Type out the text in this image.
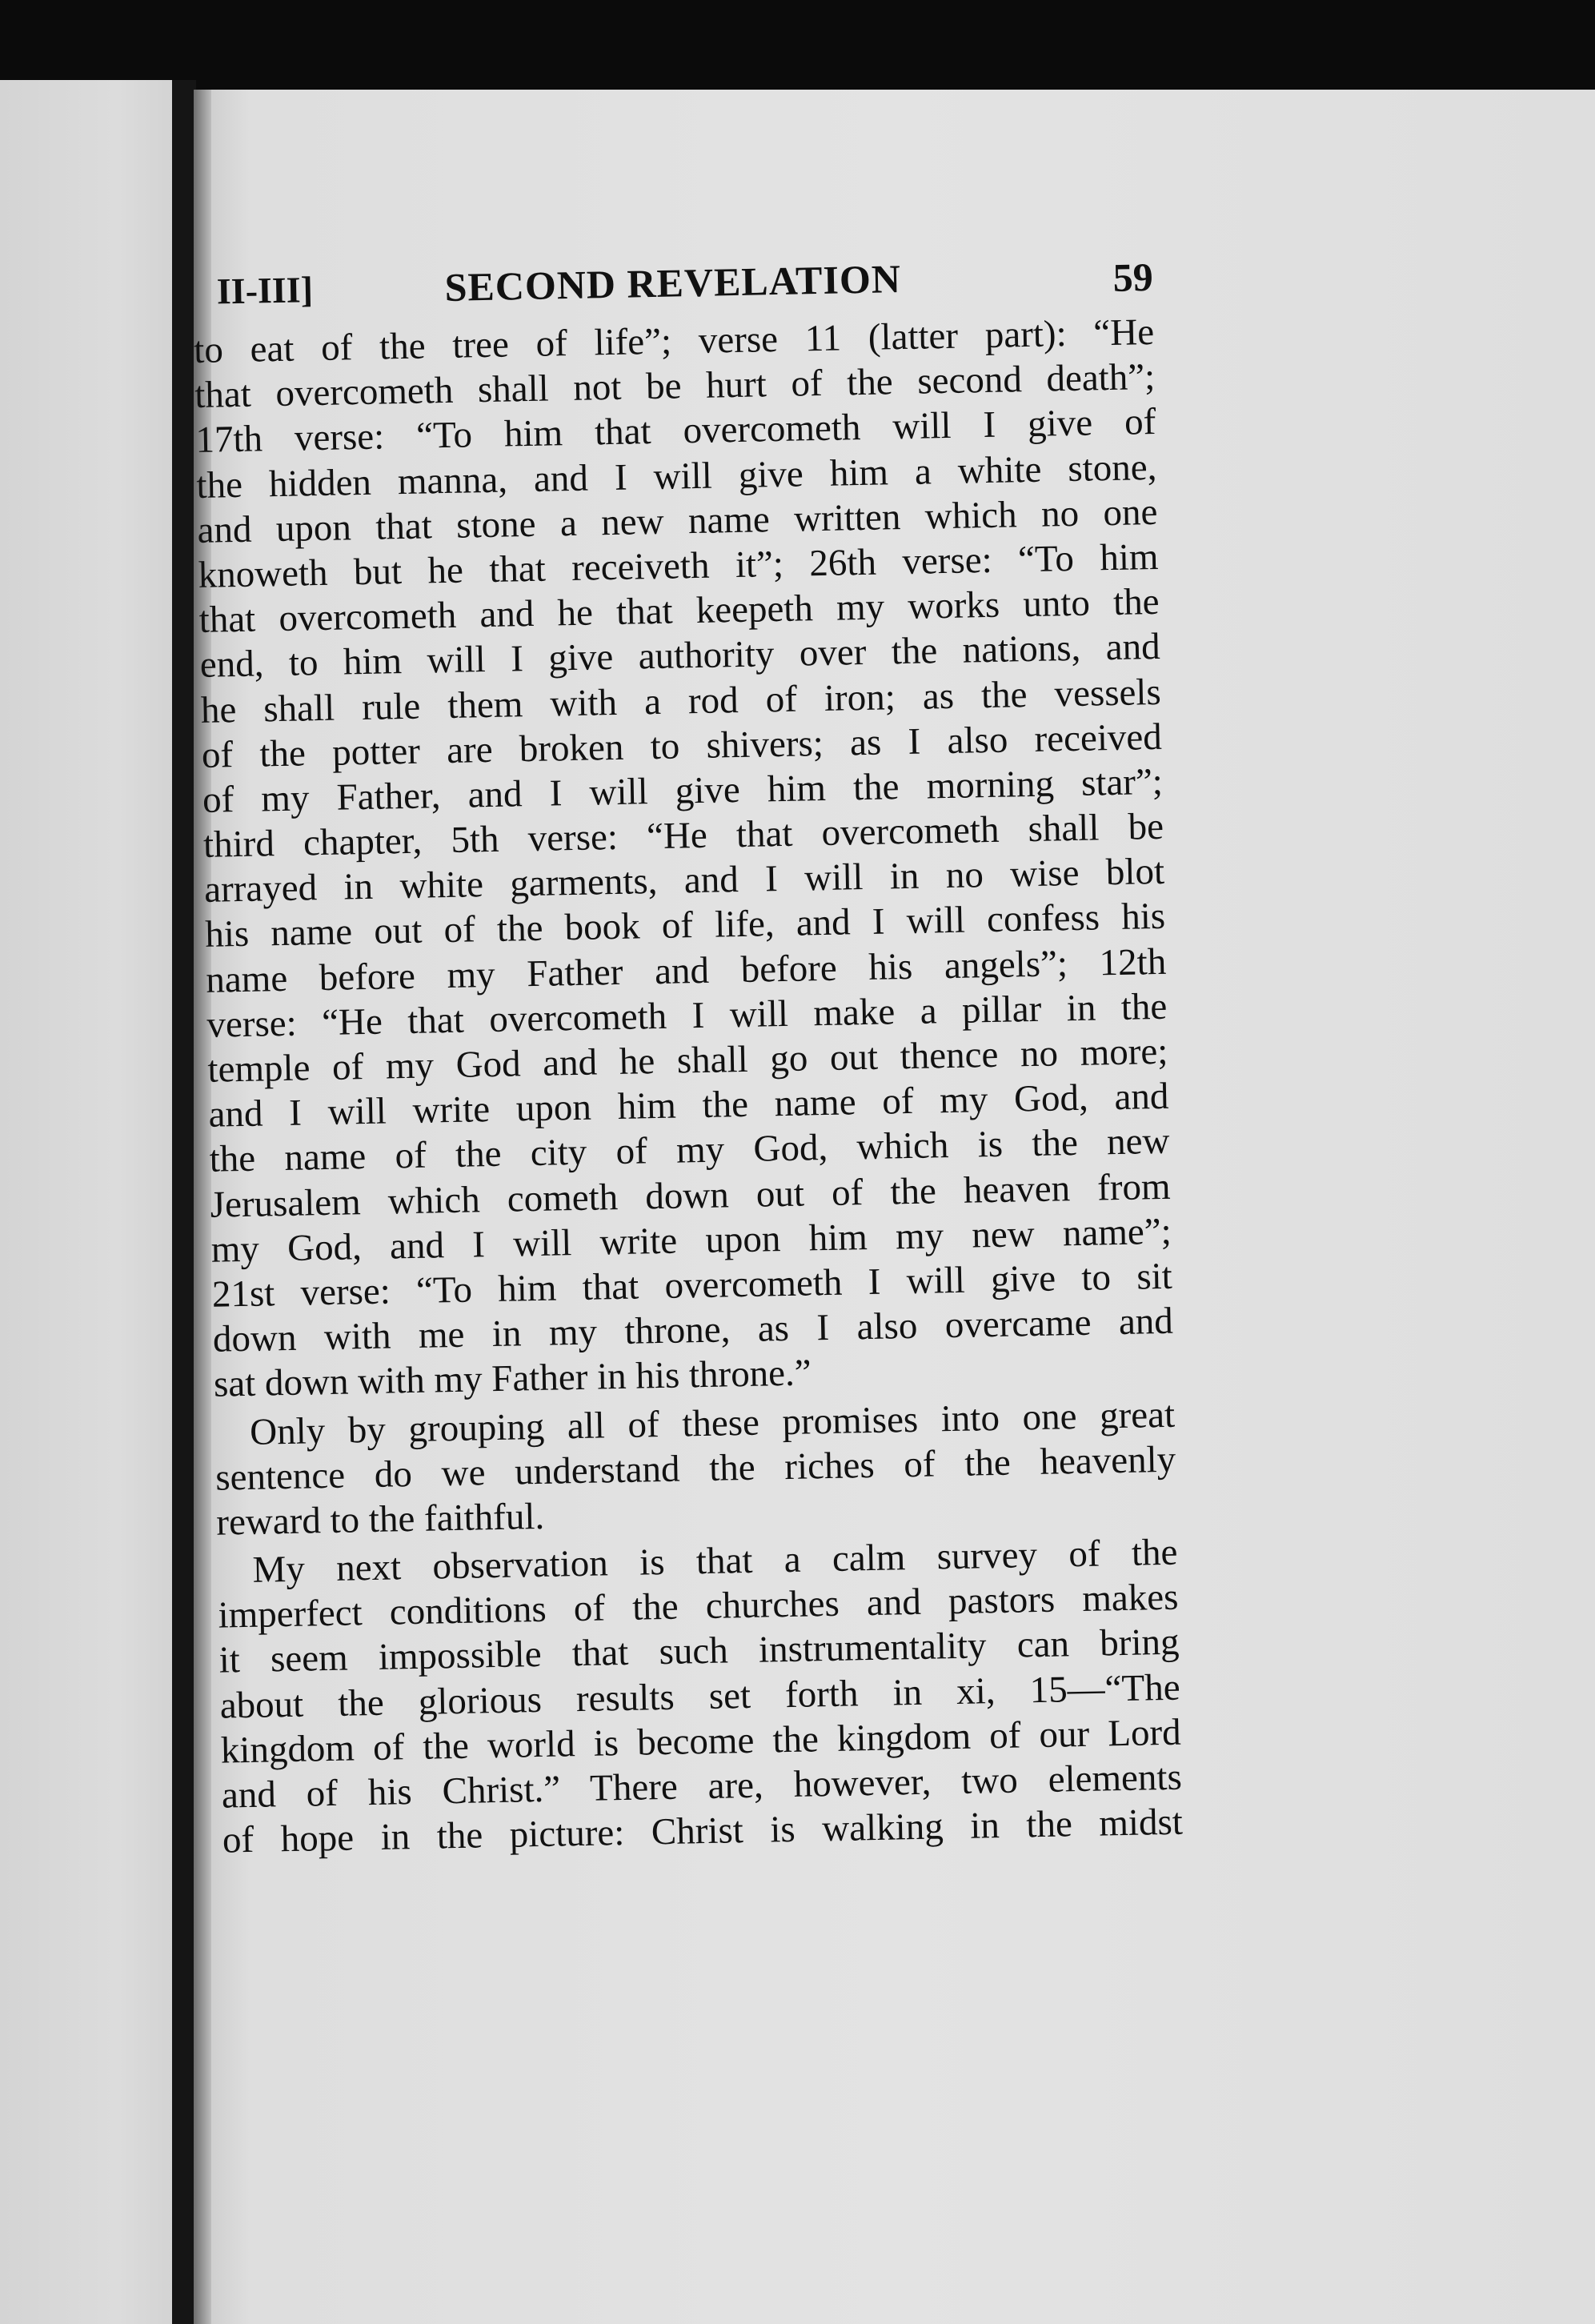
II-III]	SECOND REVELATION	59
to eat of the tree of life”; verse 11 (latter part): “He
that overcometh shall not be hurt of the second death”;
17th verse: “To him that overcometh will I give of
the hidden manna, and I will give him a white stone,
and upon that stone a new name written which no one
knoweth but he that receiveth it”; 26th verse: “To him
that overcometh and he that keepeth my works unto the
end, to him will I give authority over the nations, and
he shall rule them with a rod of iron; as the vessels
of the potter are broken to shivers; as I also received
of my Father, and I will give him the morning star”;
third chapter, 5th verse: “He that overcometh shall be
arrayed in white garments, and I will in no wise blot
his name out of the book of life, and I will confess his
name before my Father and before his angels”; 12th
verse: “He that overcometh I will make a pillar in the
temple of my God and he shall go out thence no more;
and I will write upon him the name of my God, and
the name of the city of my God, which is the new
Jerusalem which cometh down out of the heaven from
my God, and I will write upon him my new name”;
21st verse: “To him that overcometh I will give to sit
down with me in my throne, as I also overcame and
sat down with my Father in his throne.”
Only by grouping all of these promises into one great
sentence do we understand the riches of the heavenly
reward to the faithful.
My next observation is that a calm survey of the
imperfect conditions of the churches and pastors makes
it seem impossible that such instrumentality can bring
about the glorious results set forth in xi, 15—“The
kingdom of the world is become the kingdom of our Lord
and of his Christ.” There are, however, two elements
of hope in the picture: Christ is walking in the midst
